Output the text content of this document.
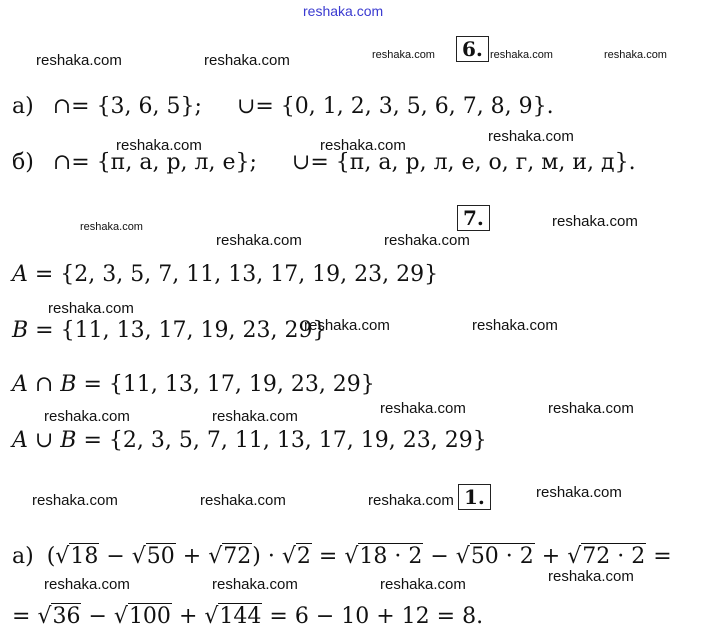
reshaka.com
reshaka.com	reshaka.com	reshaka.com	reshaka.com	reshaka.com
reshaka.com	reshaka.com
reshaka.com
reshaka.com
reshaka.com	reshaka.com
reshaka.com
reshaka.com
reshaka.com	reshaka.com
reshaka.com	reshaka.com	reshaka.com	reshaka.com
reshaka.com	reshaka.com	reshaka.com	reshaka.com
reshaka.com	reshaka.com	reshaka.com	reshaka.com
6.
а) ∩= {3, 6, 5}; ∪= {0, 1, 2, 3, 5, 6, 7, 8, 9}.
б) ∩= {п, а, р, л, е}; ∪= {п, а, р, л, е, о, г, м, и, д}.
7.
A = {2, 3, 5, 7, 11, 13, 17, 19, 23, 29}
B = {11, 13, 17, 19, 23, 29}
A ∩ B = {11, 13, 17, 19, 23, 29}
A ∪ B = {2, 3, 5, 7, 11, 13, 17, 19, 23, 29}
1.
а) (√18 − √50 + √72) · √2 = √18 · 2 − √50 · 2 + √72 · 2 =
= √36 − √100 + √144 = 6 − 10 + 12 = 8.
